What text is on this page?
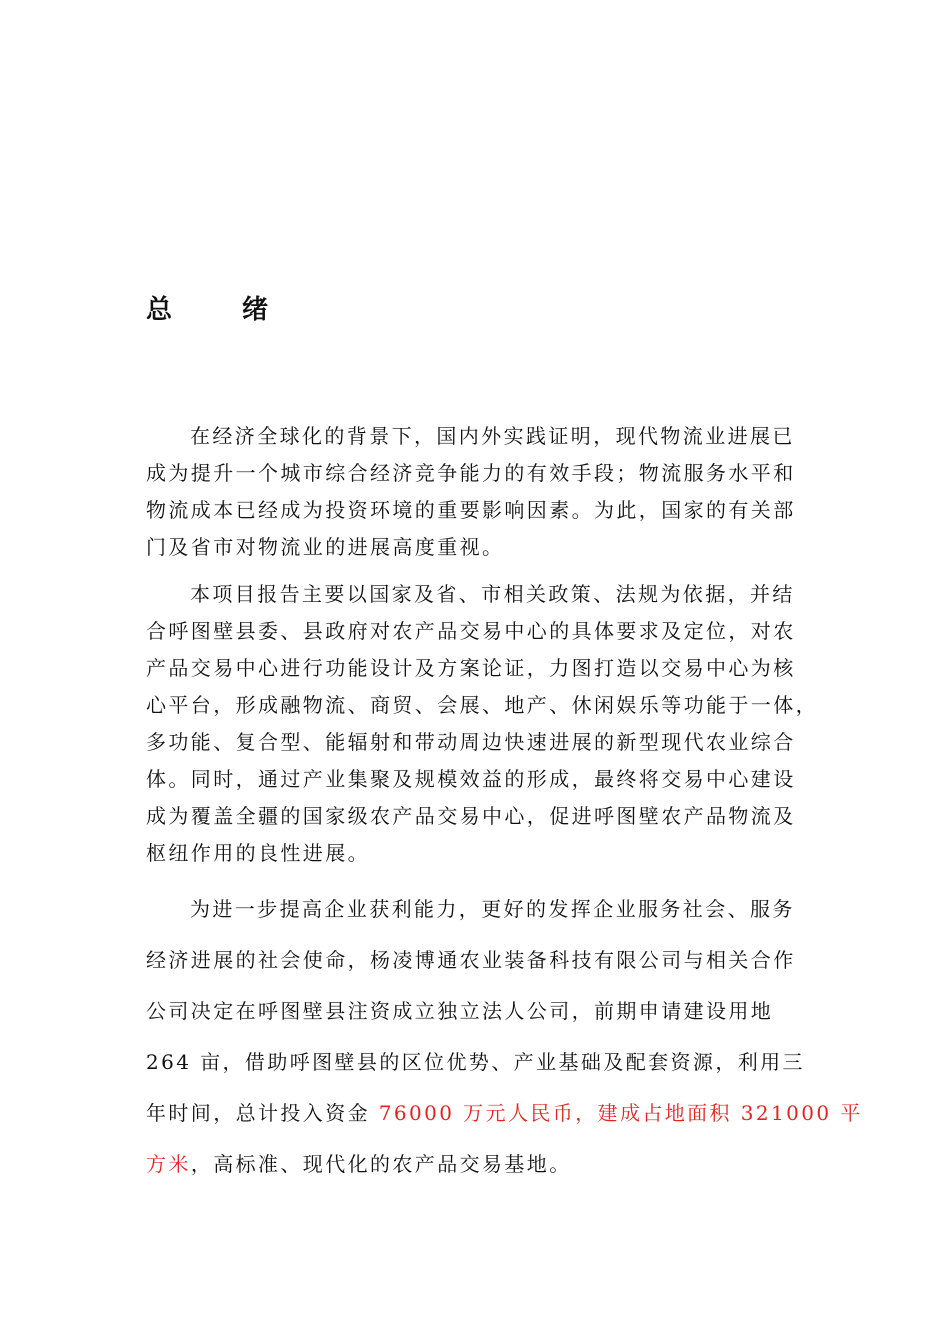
总　绪

在经济全球化的背景下，国内外实践证明，现代物流业进展已
成为提升一个城市综合经济竞争能力的有效手段；物流服务水平和
物流成本已经成为投资环境的重要影响因素。为此，国家的有关部
门及省市对物流业的进展高度重视。

本项目报告主要以国家及省、市相关政策、法规为依据，并结
合呼图壁县委、县政府对农产品交易中心的具体要求及定位，对农
产品交易中心进行功能设计及方案论证，力图打造以交易中心为核
心平台，形成融物流、商贸、会展、地产、休闲娱乐等功能于一体，
多功能、复合型、能辐射和带动周边快速进展的新型现代农业综合
体。同时，通过产业集聚及规模效益的形成，最终将交易中心建设
成为覆盖全疆的国家级农产品交易中心，促进呼图壁农产品物流及
枢纽作用的良性进展。

为进一步提高企业获利能力，更好的发挥企业服务社会、服务
经济进展的社会使命，杨凌博通农业装备科技有限公司与相关合作
公司决定在呼图壁县注资成立独立法人公司，前期申请建设用地
264 亩，借助呼图壁县的区位优势、产业基础及配套资源，利用三
年时间，总计投入资金 76000 万元人民币，建成占地面积 321000 平
方米，高标准、现代化的农产品交易基地。
